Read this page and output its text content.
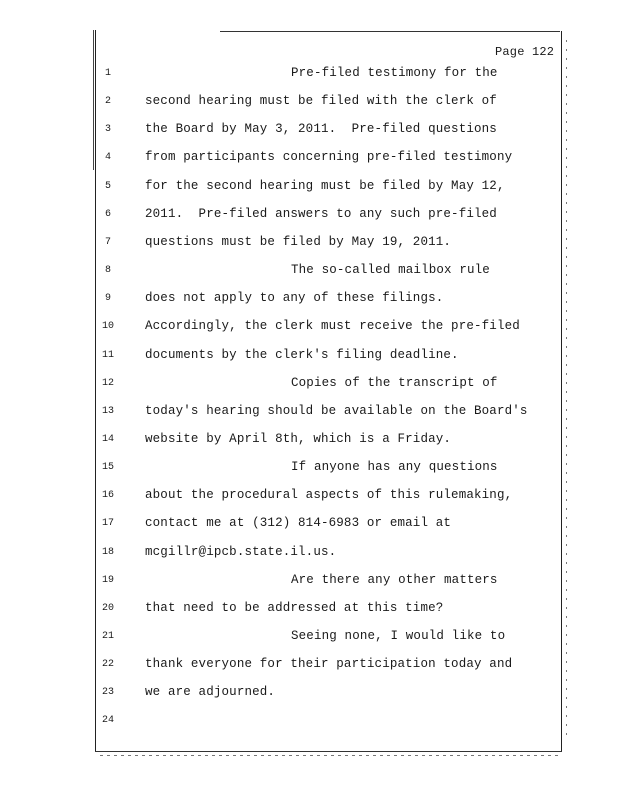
Page 122
1	Pre-filed testimony for the
2	second hearing must be filed with the clerk of
3	the Board by May 3, 2011.  Pre-filed questions
4	from participants concerning pre-filed testimony
5	for the second hearing must be filed by May 12,
6	2011.  Pre-filed answers to any such pre-filed
7	questions must be filed by May 19, 2011.
8	The so-called mailbox rule
9	does not apply to any of these filings.
10	Accordingly, the clerk must receive the pre-filed
11	documents by the clerk's filing deadline.
12	Copies of the transcript of
13	today's hearing should be available on the Board's
14	website by April 8th, which is a Friday.
15	If anyone has any questions
16	about the procedural aspects of this rulemaking,
17	contact me at (312) 814-6983 or email at
18	mcgillr@ipcb.state.il.us.
19	Are there any other matters
20	that need to be addressed at this time?
21	Seeing none, I would like to
22	thank everyone for their participation today and
23	we are adjourned.
24
